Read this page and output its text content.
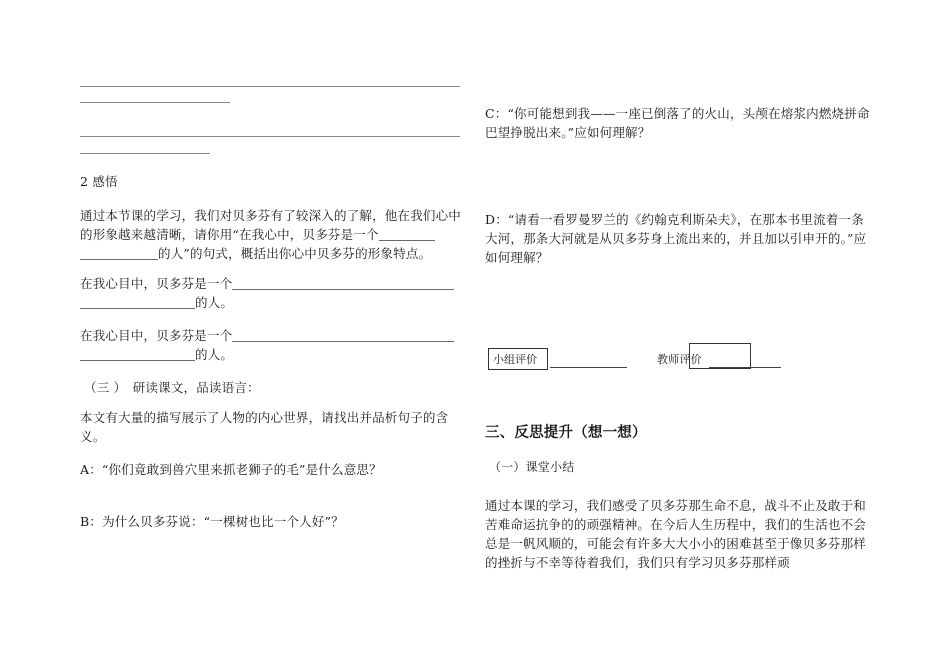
2 感悟
通过本节课的学习，我们对贝多芬有了较深入的了解，他在我们心中的形象越来越清晰，请你用“在我心中，贝多芬是一个
的人”的句式，概括出你心中贝多芬的形象特点。
在我心目中，贝多芬是一个
的人。
在我心目中，贝多芬是一个
的人。
（三 ）　研读课文，品读语言：
本文有大量的描写展示了人物的内心世界，请找出并品析句子的含义。
A：“你们竟敢到兽穴里来抓老狮子的毛”是什么意思？
B：为什么贝多芬说：“一棵树也比一个人好”？
C：“你可能想到我——一座已倒落了的火山，头颅在熔浆内燃烧拼命巴望挣脱出来。”应如何理解？
D：“请看一看罗曼罗兰的《约翰克利斯朵夫》，在那本书里流着一条大河，那条大河就是从贝多芬身上流出来的，并且加以引申开的。”应如何理解？
小组评价	教师评价
三、反思提升（想一想）
（一）课堂小结
通过本课的学习，我们感受了贝多芬那生命不息，战斗不止及敢于和苦难命运抗争的的顽强精神。在今后人生历程中，我们的生活也不会总是一帆风顺的，可能会有许多大大小小的困难甚至于像贝多芬那样的挫折与不幸等待着我们，我们只有学习贝多芬那样顽
